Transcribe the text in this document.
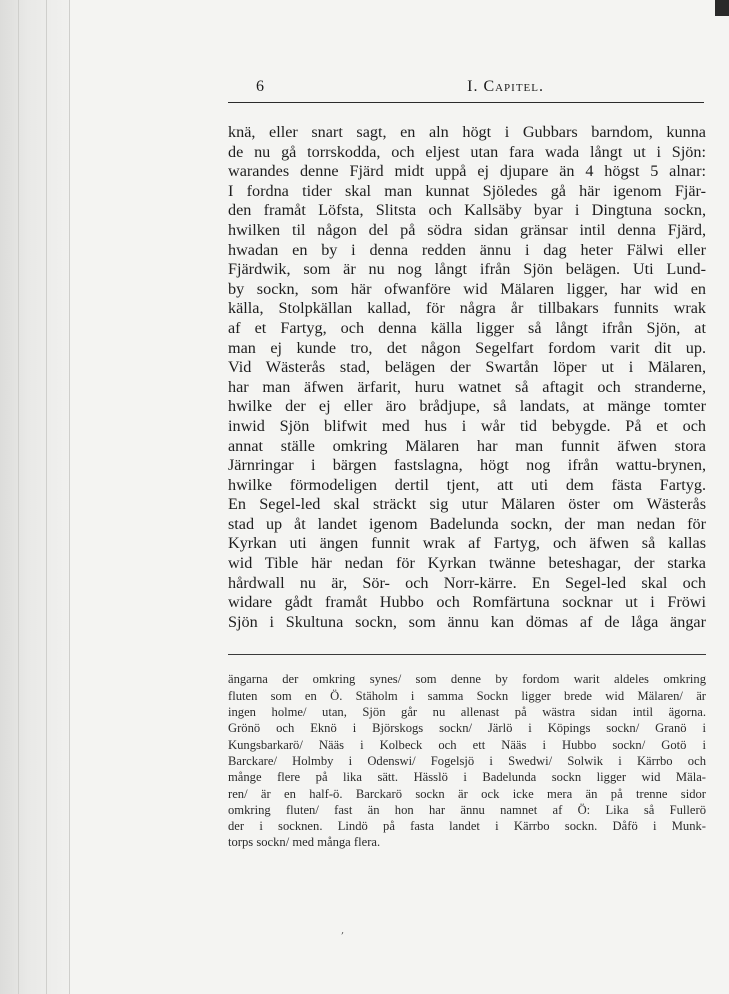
6	I. Capitel.
knä, eller snart sagt, en aln högt i Gubbars barndom, kunna
de nu gå torrskodda, och eljest utan fara wada långt ut i Sjön:
warandes denne Fjärd midt uppå ej djupare än 4 högst 5 alnar:
I fordna tider skal man kunnat Sjöledes gå här igenom Fjär-
den framåt Löfsta, Slitsta och Kallsäby byar i Dingtuna sockn,
hwilken til någon del på södra sidan gränsar intil denna Fjärd,
hwadan en by i denna redden ännu i dag heter Fälwi eller
Fjärdwik, som är nu nog långt ifrån Sjön belägen. Uti Lund-
by sockn, som här ofwanföre wid Mälaren ligger, har wid en
källa, Stolpkällan kallad, för några år tillbakars funnits wrak
af et Fartyg, och denna källa ligger så långt ifrån Sjön, at
man ej kunde tro, det någon Segelfart fordom varit dit up.
Vid Wästerås stad, belägen der Swartån löper ut i Mälaren,
har man äfwen ärfarit, huru watnet så aftagit och stranderne,
hwilke der ej eller äro brådjupe, så landats, at mänge tomter
inwid Sjön blifwit med hus i wår tid bebygde. På et och
annat ställe omkring Mälaren har man funnit äfwen stora
Järnringar i bärgen fastslagna, högt nog ifrån wattu-brynen,
hwilke förmodeligen dertil tjent, att uti dem fästa Fartyg.
En Segel-led skal sträckt sig utur Mälaren öster om Wästerås
stad up åt landet igenom Badelunda sockn, der man nedan för
Kyrkan uti ängen funnit wrak af Fartyg, och äfwen så kallas
wid Tible här nedan för Kyrkan twänne beteshagar, der starka
hårdwall nu är, Sör- och Norr-kärre. En Segel-led skal och
widare gådt framåt Hubbo och Romfärtuna socknar ut i Fröwi
Sjön i Skultuna sockn, som ännu kan dömas af de låga ängar
ängarna der omkring synes/ som denne by fordom warit aldeles omkring
fluten som en Ö. Stäholm i samma Sockn ligger brede wid Mälaren/ är
ingen holme/ utan, Sjön går nu allenast på wästra sidan intil ägorna.
Grönö och Eknö i Björskogs sockn/ Järlö i Köpings sockn/ Granö i
Kungsbarkarö/ Nääs i Kolbeck och ett Nääs i Hubbo sockn/ Gotö i
Barckare/ Holmby i Odenswi/ Fogelsjö i Swedwi/ Solwik i Kärrbo och
månge flere på lika sätt. Hässlö i Badelunda sockn ligger wid Mäla-
ren/ är en half-ö. Barckarö sockn är ock icke mera än på trenne sidor
omkring fluten/ fast än hon har ännu namnet af Ö: Lika så Fullerö
der i socknen. Lindö på fasta landet i Kärrbo sockn. Dåfö i Munk-
torps sockn/ med många flera.
,
